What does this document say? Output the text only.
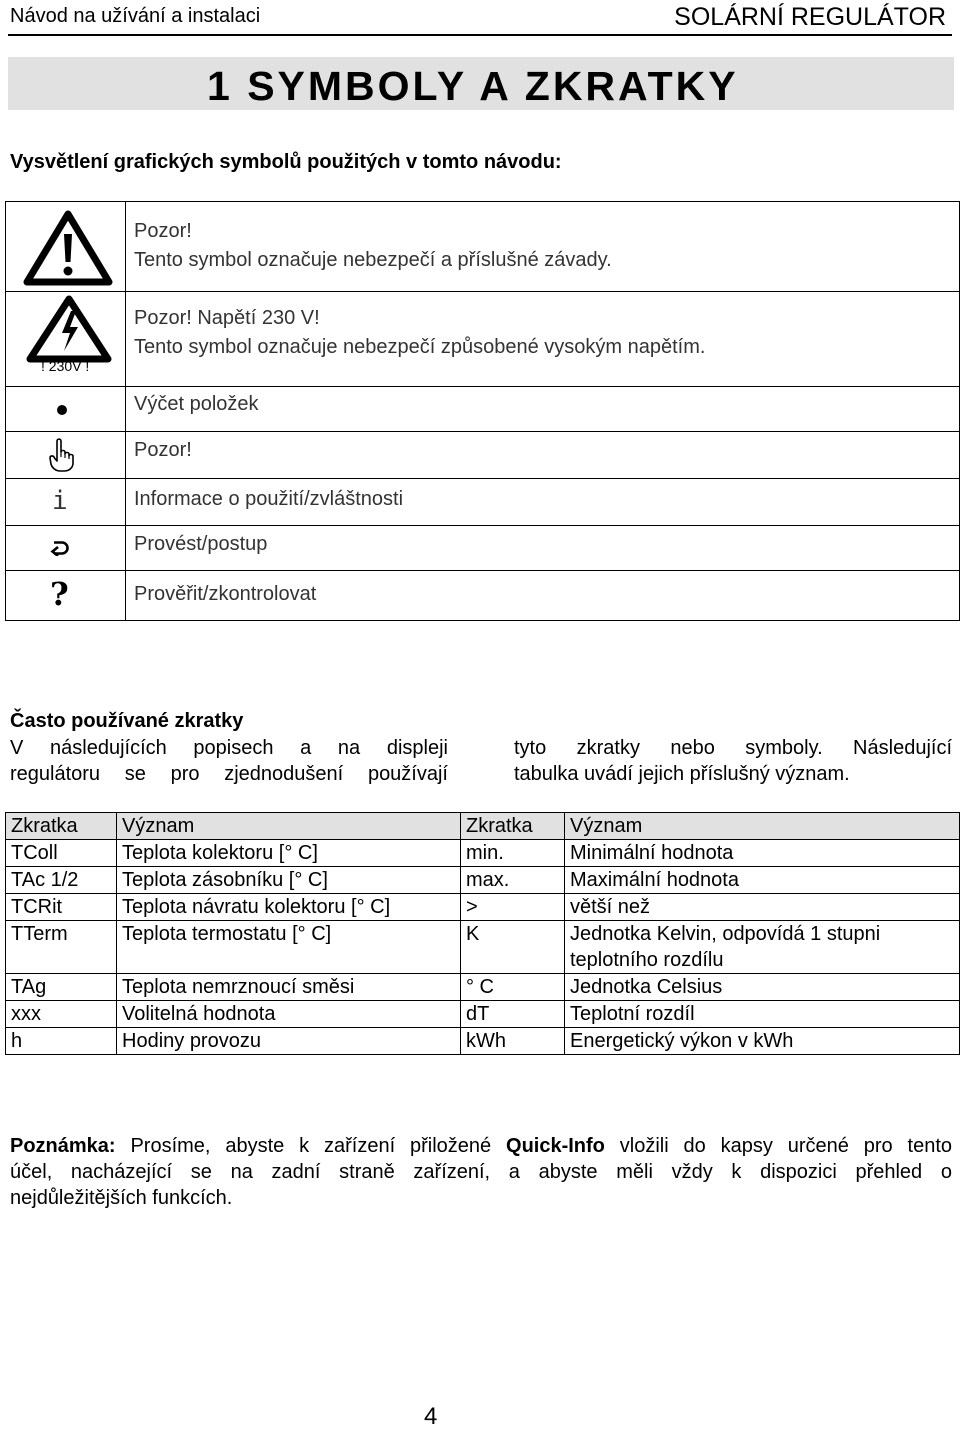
Návod na užívání a instalaci	SOLÁRNÍ REGULÁTOR
1 SYMBOLY A ZKRATKY
Vysvětlení grafických symbolů použitých v tomto návodu:

Pozor!
Tento symbol označuje nebezpečí a příslušné závady.

! 230V !	Pozor! Napětí 230 V!
Tento symbol označuje nebezpečí způsobené vysokým napětím.

	Výčet položek

	Pozor!

i	Informace o použití/zvláštnosti

	Provést/postup

?	Prověřit/zkontrolovat
Často používané zkratky
V následujících popisech a na displeji
regulátoru se pro zjednodušení používají
tyto zkratky nebo symboly. Následující
tabulka uvádí jejich příslušný význam.
Zkratka	Význam	Zkratka	Význam
TColl	Teplota kolektoru [° C]	min.	Minimální hodnota
TAc 1/2	Teplota zásobníku [° C]	max.	Maximální hodnota
TCRit	Teplota návratu kolektoru [° C]	>	větší než
TTerm	Teplota termostatu [° C]	K	Jednotka Kelvin, odpovídá 1 stupni teplotního rozdílu
TAg	Teplota nemrznoucí směsi	° C	Jednotka Celsius
xxx	Volitelná hodnota	dT	Teplotní rozdíl
h	Hodiny provozu	kWh	Energetický výkon v kWh
Poznámka: Prosíme, abyste k zařízení přiložené Quick-Info vložili do kapsy určené pro tento
účel, nacházející se na zadní straně zařízení, a abyste měli vždy k dispozici přehled o
nejdůležitějších funkcích.
4
